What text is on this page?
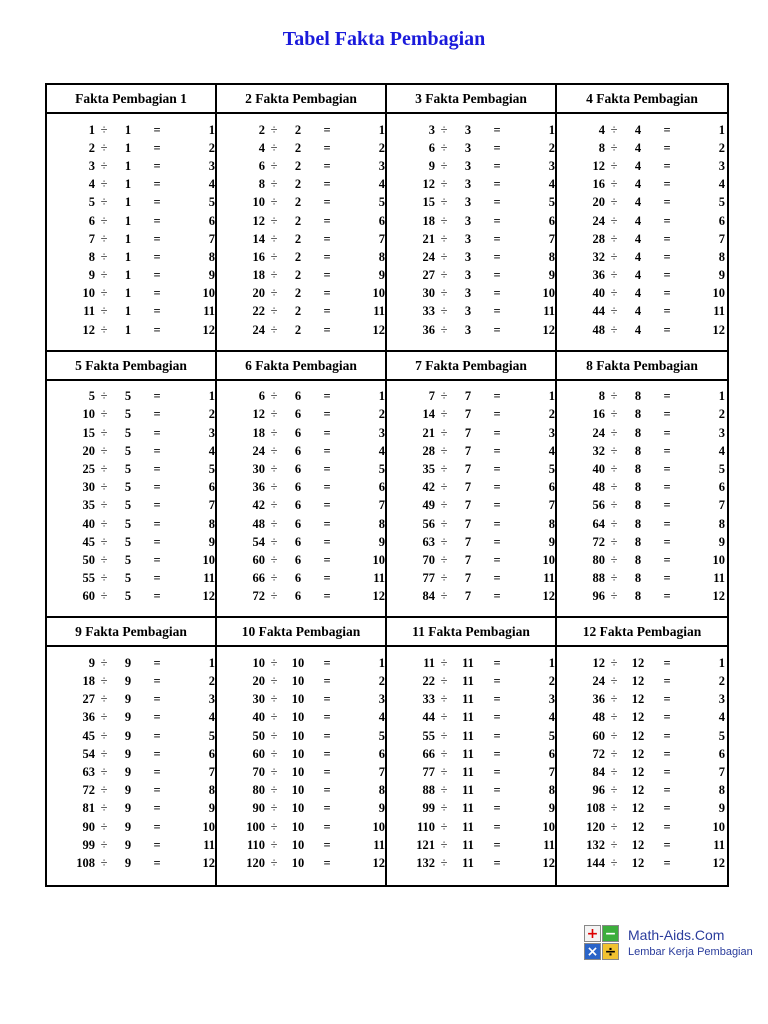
Tabel Fakta Pembagian
Fakta Pembagian 1
1 ÷	1	=	1
2 ÷	1	=	2
3 ÷	1	=	3
4 ÷	1	=	4
5 ÷	1	=	5
6 ÷	1	=	6
7 ÷	1	=	7
8 ÷	1	=	8
9 ÷	1	=	9
10 ÷	1	=	10
11 ÷	1	=	11
12 ÷	1	=	12
2 Fakta Pembagian
2 ÷	2	=	1
4 ÷	2	=	2
6 ÷	2	=	3
8 ÷	2	=	4
10 ÷	2	=	5
12 ÷	2	=	6
14 ÷	2	=	7
16 ÷	2	=	8
18 ÷	2	=	9
20 ÷	2	=	10
22 ÷	2	=	11
24 ÷	2	=	12
3 Fakta Pembagian
3 ÷	3	=	1
6 ÷	3	=	2
9 ÷	3	=	3
12 ÷	3	=	4
15 ÷	3	=	5
18 ÷	3	=	6
21 ÷	3	=	7
24 ÷	3	=	8
27 ÷	3	=	9
30 ÷	3	=	10
33 ÷	3	=	11
36 ÷	3	=	12
4 Fakta Pembagian
4 ÷	4	=	1
8 ÷	4	=	2
12 ÷	4	=	3
16 ÷	4	=	4
20 ÷	4	=	5
24 ÷	4	=	6
28 ÷	4	=	7
32 ÷	4	=	8
36 ÷	4	=	9
40 ÷	4	=	10
44 ÷	4	=	11
48 ÷	4	=	12
5 Fakta Pembagian
5 ÷	5	=	1
10 ÷	5	=	2
15 ÷	5	=	3
20 ÷	5	=	4
25 ÷	5	=	5
30 ÷	5	=	6
35 ÷	5	=	7
40 ÷	5	=	8
45 ÷	5	=	9
50 ÷	5	=	10
55 ÷	5	=	11
60 ÷	5	=	12
6 Fakta Pembagian
6 ÷	6	=	1
12 ÷	6	=	2
18 ÷	6	=	3
24 ÷	6	=	4
30 ÷	6	=	5
36 ÷	6	=	6
42 ÷	6	=	7
48 ÷	6	=	8
54 ÷	6	=	9
60 ÷	6	=	10
66 ÷	6	=	11
72 ÷	6	=	12
7 Fakta Pembagian
7 ÷	7	=	1
14 ÷	7	=	2
21 ÷	7	=	3
28 ÷	7	=	4
35 ÷	7	=	5
42 ÷	7	=	6
49 ÷	7	=	7
56 ÷	7	=	8
63 ÷	7	=	9
70 ÷	7	=	10
77 ÷	7	=	11
84 ÷	7	=	12
8 Fakta Pembagian
8 ÷	8	=	1
16 ÷	8	=	2
24 ÷	8	=	3
32 ÷	8	=	4
40 ÷	8	=	5
48 ÷	8	=	6
56 ÷	8	=	7
64 ÷	8	=	8
72 ÷	8	=	9
80 ÷	8	=	10
88 ÷	8	=	11
96 ÷	8	=	12
9 Fakta Pembagian
9 ÷	9	=	1
18 ÷	9	=	2
27 ÷	9	=	3
36 ÷	9	=	4
45 ÷	9	=	5
54 ÷	9	=	6
63 ÷	9	=	7
72 ÷	9	=	8
81 ÷	9	=	9
90 ÷	9	=	10
99 ÷	9	=	11
108 ÷	9	=	12
10 Fakta Pembagian
10 ÷	10	=	1
20 ÷	10	=	2
30 ÷	10	=	3
40 ÷	10	=	4
50 ÷	10	=	5
60 ÷	10	=	6
70 ÷	10	=	7
80 ÷	10	=	8
90 ÷	10	=	9
100 ÷	10	=	10
110 ÷	10	=	11
120 ÷	10	=	12
11 Fakta Pembagian
11 ÷	11	=	1
22 ÷	11	=	2
33 ÷	11	=	3
44 ÷	11	=	4
55 ÷	11	=	5
66 ÷	11	=	6
77 ÷	11	=	7
88 ÷	11	=	8
99 ÷	11	=	9
110 ÷	11	=	10
121 ÷	11	=	11
132 ÷	11	=	12
12 Fakta Pembagian
12 ÷	12	=	1
24 ÷	12	=	2
36 ÷	12	=	3
48 ÷	12	=	4
60 ÷	12	=	5
72 ÷	12	=	6
84 ÷	12	=	7
96 ÷	12	=	8
108 ÷	12	=	9
120 ÷	12	=	10
132 ÷	12	=	11
144 ÷	12	=	12
+ −
× ÷
Math-Aids.Com
Lembar Kerja Pembagian
